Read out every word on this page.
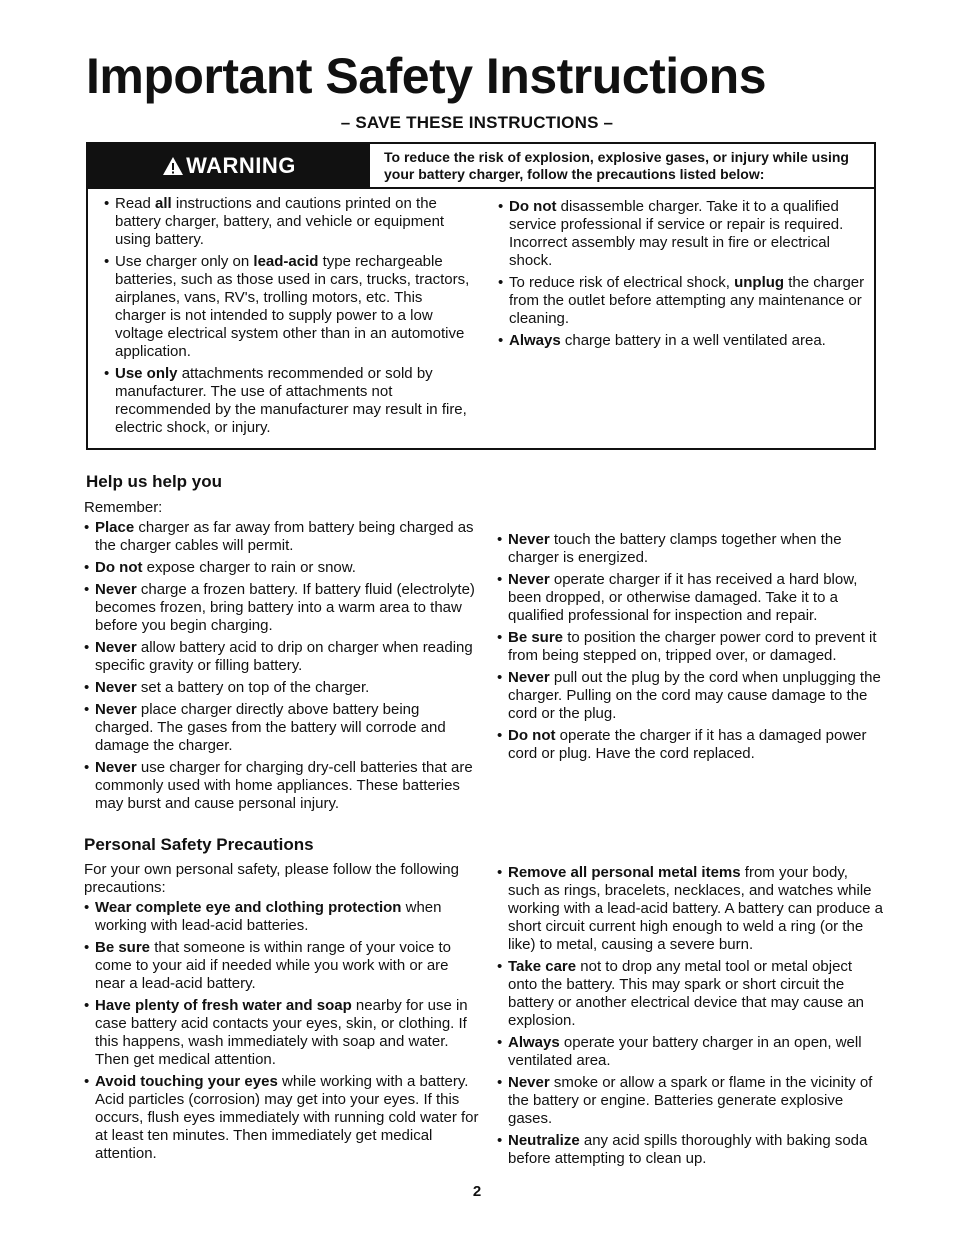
Important Safety Instructions
– SAVE THESE INSTRUCTIONS –
WARNING	To reduce the risk of explosion, explosive gases, or injury while using your battery charger, follow the precautions listed below:
• Read all instructions and cautions printed on the battery charger, battery, and vehicle or equipment using battery.
• Use charger only on lead-acid type rechargeable batteries, such as those used in cars, trucks, tractors, airplanes, vans, RV's, trolling motors, etc. This charger is not intended to supply power to a low voltage electrical system other than in an automotive application.
• Use only attachments recommended or sold by manufacturer. The use of attachments not recommended by the manufacturer may result in fire, electric shock, or injury.
• Do not disassemble charger. Take it to a qualified service professional if service or repair is required. Incorrect assembly may result in fire or electrical shock.
• To reduce risk of electrical shock, unplug the charger from the outlet before attempting any maintenance or cleaning.
• Always charge battery in a well ventilated area.
Help us help you

Remember:

• Place charger as far away from battery being charged as the charger cables will permit.
• Do not expose charger to rain or snow.
• Never charge a frozen battery. If battery fluid (electrolyte) becomes frozen, bring battery into a warm area to thaw before you begin charging.
• Never allow battery acid to drip on charger when reading specific gravity or filling battery.
• Never set a battery on top of the charger.
• Never place charger directly above battery being charged. The gases from the battery will corrode and damage the charger.
• Never use charger for charging dry-cell batteries that are commonly used with home appliances. These batteries may burst and cause personal injury.
• Never touch the battery clamps together when the charger is energized.
• Never operate charger if it has received a hard blow, been dropped, or otherwise damaged. Take it to a qualified professional for inspection and repair.
• Be sure to position the charger power cord to prevent it from being stepped on, tripped over, or damaged.
• Never pull out the plug by the cord when unplugging the charger. Pulling on the cord may cause damage to the cord or the plug.
• Do not operate the charger if it has a damaged power cord or plug. Have the cord replaced.
Personal Safety Precautions

For your own personal safety, please follow the following precautions:

• Wear complete eye and clothing protection when working with lead-acid batteries.
• Be sure that someone is within range of your voice to come to your aid if needed while you work with or are near a lead-acid battery.
• Have plenty of fresh water and soap nearby for use in case battery acid contacts your eyes, skin, or clothing. If this happens, wash immediately with soap and water. Then get medical attention.
• Avoid touching your eyes while working with a battery. Acid particles (corrosion) may get into your eyes. If this occurs, flush eyes immediately with running cold water for at least ten minutes. Then immediately get medical attention.
• Remove all personal metal items from your body, such as rings, bracelets, necklaces, and watches while working with a lead-acid battery. A battery can produce a short circuit current high enough to weld a ring (or the like) to metal, causing a severe burn.
• Take care not to drop any metal tool or metal object onto the battery. This may spark or short circuit the battery or another electrical device that may cause an explosion.
• Always operate your battery charger in an open, well ventilated area.
• Never smoke or allow a spark or flame in the vicinity of the battery or engine. Batteries generate explosive gases.
• Neutralize any acid spills thoroughly with baking soda before attempting to clean up.
2
